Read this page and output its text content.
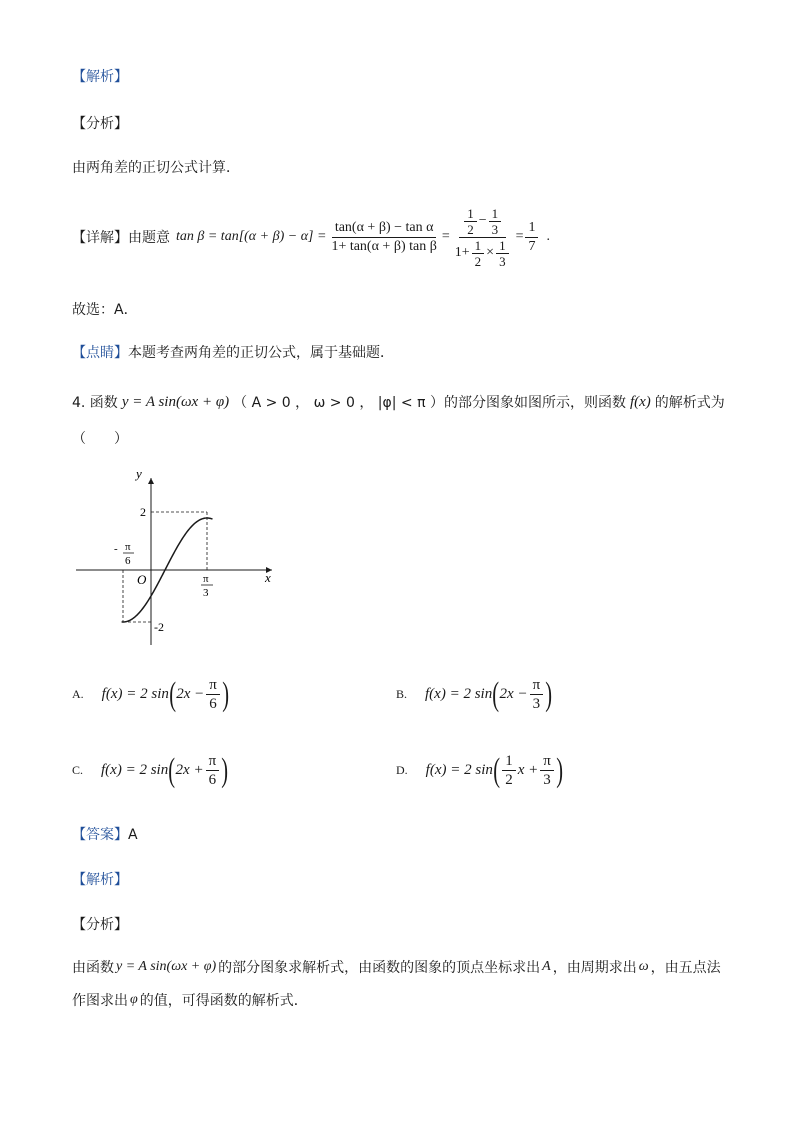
【解析】
【分析】
由两角差的正切公式计算．
【详解】 由题意 $\tan \beta = \tan[(\alpha + \beta) - \alpha] = \frac{\text{tan(α + β) − tan α}}{\text{1+ tan(α + β) tan β}} = \frac{1}{2} - \frac{1}{3}$
$1+ \frac{1}{2} \times \frac{1}{3}$
= $\frac{1}{7}$ .
故选：A．
【点睛】本题考查两角差的正切公式，属于基础题．
4. 函数 y = A sin(ωx + φ) （ A > 0 ， ω > 0 ， |φ| < π ）的部分图象如图所示，则函数 f(x) 的解析式为
（　　）
y
x
O
2
-2
- π
6
π
3
A. f(x) = 2 sin ( $2x - \frac{\pi}{6}$ )	B. f(x) = 2 sin ( $2x - \frac{\pi}{3}$ )
C. f(x) = 2 sin ( $2x + \frac{\pi}{6}$ )	D. f(x) = 2 sin ( $\frac{1}{2}$ $x + \frac{\pi}{3}$ )
【答案】A
【解析】
【分析】
由函数 y = A sin(ωx + φ) 的部分图象求解析式，由函数的图象的顶点坐标求出 A ，由周期求出 ω ，由五点法
作图求出 φ 的值，可得函数的解析式．
